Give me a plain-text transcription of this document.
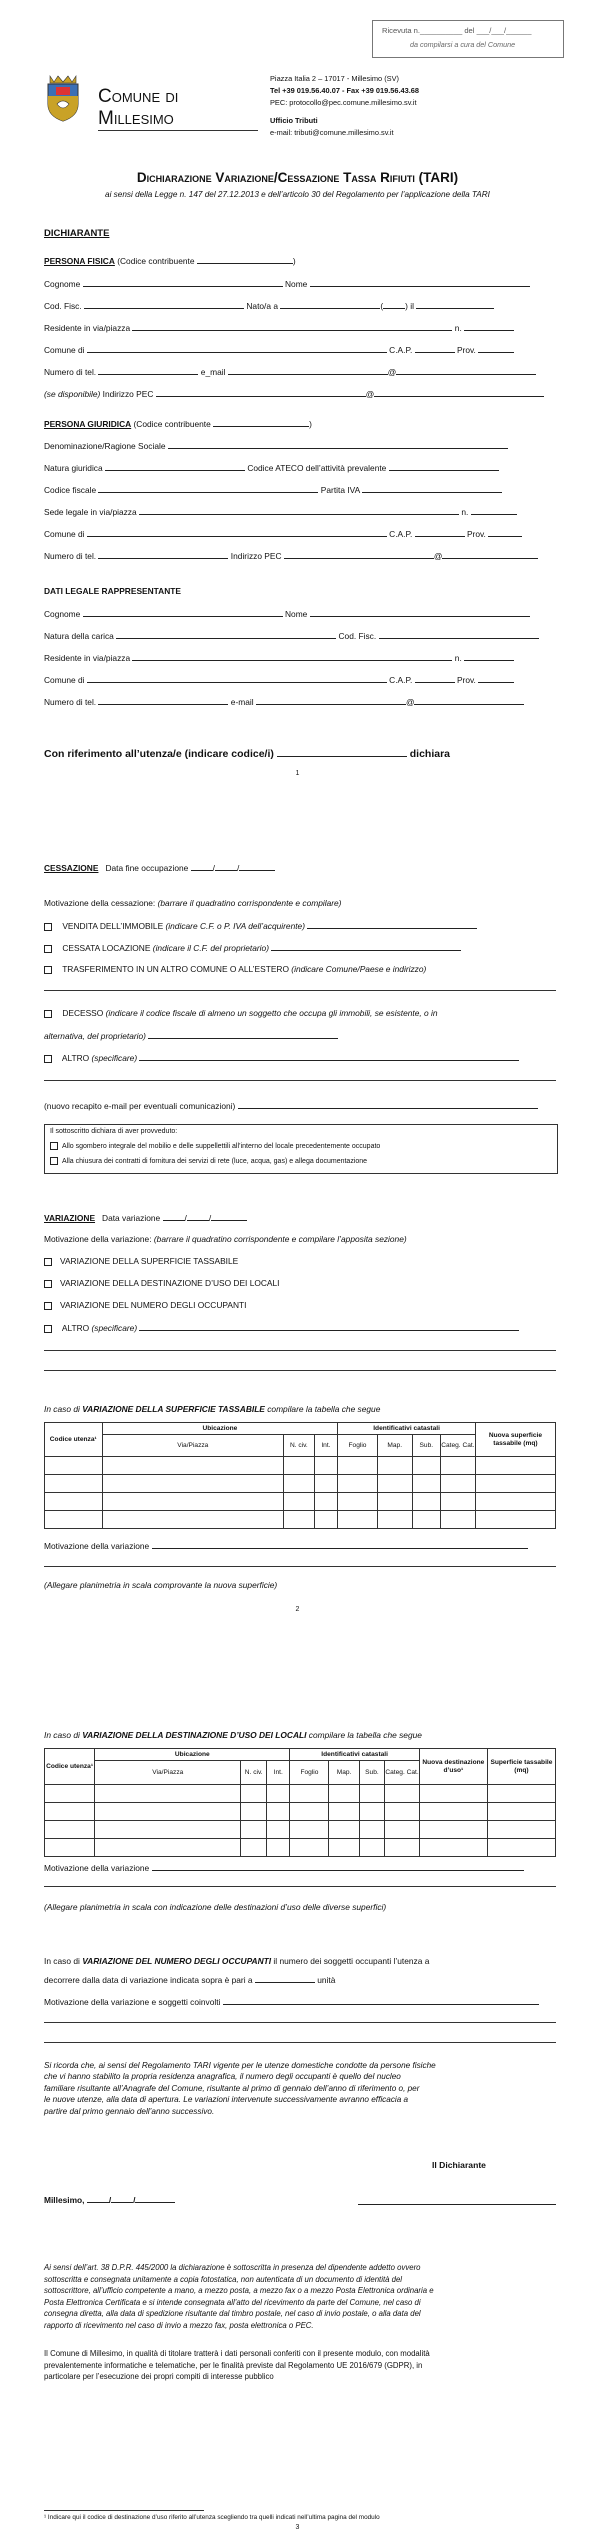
Ricevuta n.__________ del ___/___/______
da compilarsi a cura del Comune
Comune di
Millesimo
Piazza Italia 2 – 17017 - Millesimo (SV)
Tel +39 019.56.40.07 - Fax +39 019.56.43.68
PEC: protocollo@pec.comune.millesimo.sv.it
Ufficio Tributi
e-mail: tributi@comune.millesimo.sv.it
Dichiarazione Variazione/Cessazione Tassa Rifiuti (TARI)
ai sensi della Legge n. 147 del 27.12.2013 e dell’articolo 30 del Regolamento per l’applicazione della TARI
DICHIARANTE
PERSONA FISICA (Codice contribuente	)
Cognome	Nome
Cod. Fisc.	Nato/a a	(	) il
Residente in via/piazza	n.
Comune di	C.A.P.	Prov.
Numero di tel.	e_mail	@
(se disponibile) Indirizzo PEC	@
PERSONA GIURIDICA (Codice contribuente	)
Denominazione/Ragione Sociale
Natura giuridica	Codice ATECO dell’attività prevalente
Codice fiscale	Partita IVA
Sede legale in via/piazza	n.
Comune di	C.A.P.	Prov.
Numero di tel.	Indirizzo PEC	@
DATI LEGALE RAPPRESENTANTE
Cognome	Nome
Natura della carica	Cod. Fisc.
Residente in via/piazza	n.
Comune di	C.A.P.	Prov.
Numero di tel.	e-mail	@
Con riferimento all’utenza/e (indicare codice/i)	dichiara
1
CESSAZIONE Data fine occupazione	/	/
Motivazione della cessazione: (barrare il quadratino corrispondente e compilare)
VENDITA DELL’IMMOBILE (indicare C.F. o P. IVA dell’acquirente)
CESSATA LOCAZIONE (indicare il C.F. del proprietario)
TRASFERIMENTO IN UN ALTRO COMUNE O ALL’ESTERO (indicare Comune/Paese e indirizzo)
DECESSO (indicare il codice fiscale di almeno un soggetto che occupa gli immobili, se esistente, o in
alternativa, del proprietario)
ALTRO (specificare)
(nuovo recapito e-mail per eventuali comunicazioni)
Il sottoscritto dichiara di aver provveduto:
Allo sgombero integrale del mobilio e delle suppellettili all’interno del locale precedentemente occupato
Alla chiusura dei contratti di fornitura dei servizi di rete (luce, acqua, gas) e allega documentazione
VARIAZIONE Data variazione	/	/
Motivazione della variazione: (barrare il quadratino corrispondente e compilare l’apposita sezione)
VARIAZIONE DELLA SUPERFICIE TASSABILE
VARIAZIONE DELLA DESTINAZIONE D’USO DEI LOCALI
VARIAZIONE DEL NUMERO DEGLI OCCUPANTI
ALTRO (specificare)
In caso di VARIAZIONE DELLA SUPERFICIE TASSABILE compilare la tabella che segue
Codice utenza¹	Ubicazione			Identificativi catastali				Nuova superficie tassabile (mq)
	Via/Piazza	N. civ.	Int.	Foglio	Map.	Sub.	Categ. Cat.	

Motivazione della variazione
(Allegare planimetria in scala comprovante la nuova superficie)
2
In caso di VARIAZIONE DELLA DESTINAZIONE D’USO DEI LOCALI compilare la tabella che segue
Codice utenza¹	Ubicazione			Identificativi catastali				Nuova destinazione d’uso¹	Superficie tassabile (mq)
	Via/Piazza	N. civ.	Int.	Foglio	Map.	Sub.	Categ. Cat.		

Motivazione della variazione
(Allegare planimetria in scala con indicazione delle destinazioni d’uso delle diverse superfici)
In caso di VARIAZIONE DEL NUMERO DEGLI OCCUPANTI il numero dei soggetti occupanti l’utenza a
decorrere dalla data di variazione indicata sopra è pari a	unità
Motivazione della variazione e soggetti coinvolti
Si ricorda che, ai sensi del Regolamento TARI vigente per le utenze domestiche condotte da persone fisiche
che vi hanno stabilito la propria residenza anagrafica, il numero degli occupanti è quello del nucleo
familiare risultante all’Anagrafe del Comune, risultante al primo di gennaio dell’anno di riferimento o, per
le nuove utenze, alla data di apertura. Le variazioni intervenute successivamente avranno efficacia a
partire dal primo gennaio dell’anno successivo.
Il Dichiarante
Millesimo,	/	/
Ai sensi dell’art. 38 D.P.R. 445/2000 la dichiarazione è sottoscritta in presenza del dipendente addetto ovvero
sottoscritta e consegnata unitamente a copia fotostatica, non autenticata di un documento di identità del
sottoscrittore, all’ufficio competente a mano, a mezzo posta, a mezzo fax o a mezzo Posta Elettronica ordinaria e
Posta Elettronica Certificata e si intende consegnata all’atto del ricevimento da parte del Comune, nel caso di
consegna diretta, alla data di spedizione risultante dal timbro postale, nel caso di invio postale, o alla data del
rapporto di ricevimento nel caso di invio a mezzo fax, posta elettronica o PEC.
Il Comune di Millesimo, in qualità di titolare tratterà i dati personali conferiti con il presente modulo, con modalità
prevalentemente informatiche e telematiche, per le finalità previste dal Regolamento UE 2016/679 (GDPR), in
particolare per l’esecuzione dei propri compiti di interesse pubblico
¹ Indicare qui il codice di destinazione d’uso riferito all’utenza scegliendo tra quelli indicati nell’ultima pagina del modulo
3
